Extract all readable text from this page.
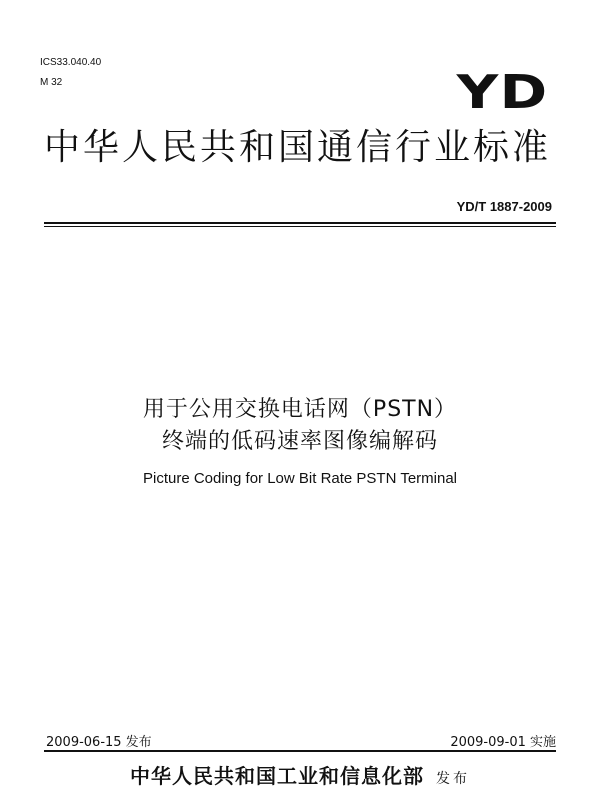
ICS33.040.40
M 32	YD
中华人民共和国通信行业标准
YD/T 1887-2009
用于公用交换电话网（PSTN）
终端的低码速率图像编解码
Picture Coding for Low Bit Rate PSTN Terminal
2009-06-15 发布	2009-09-01 实施
中华人民共和国工业和信息化部 发布
